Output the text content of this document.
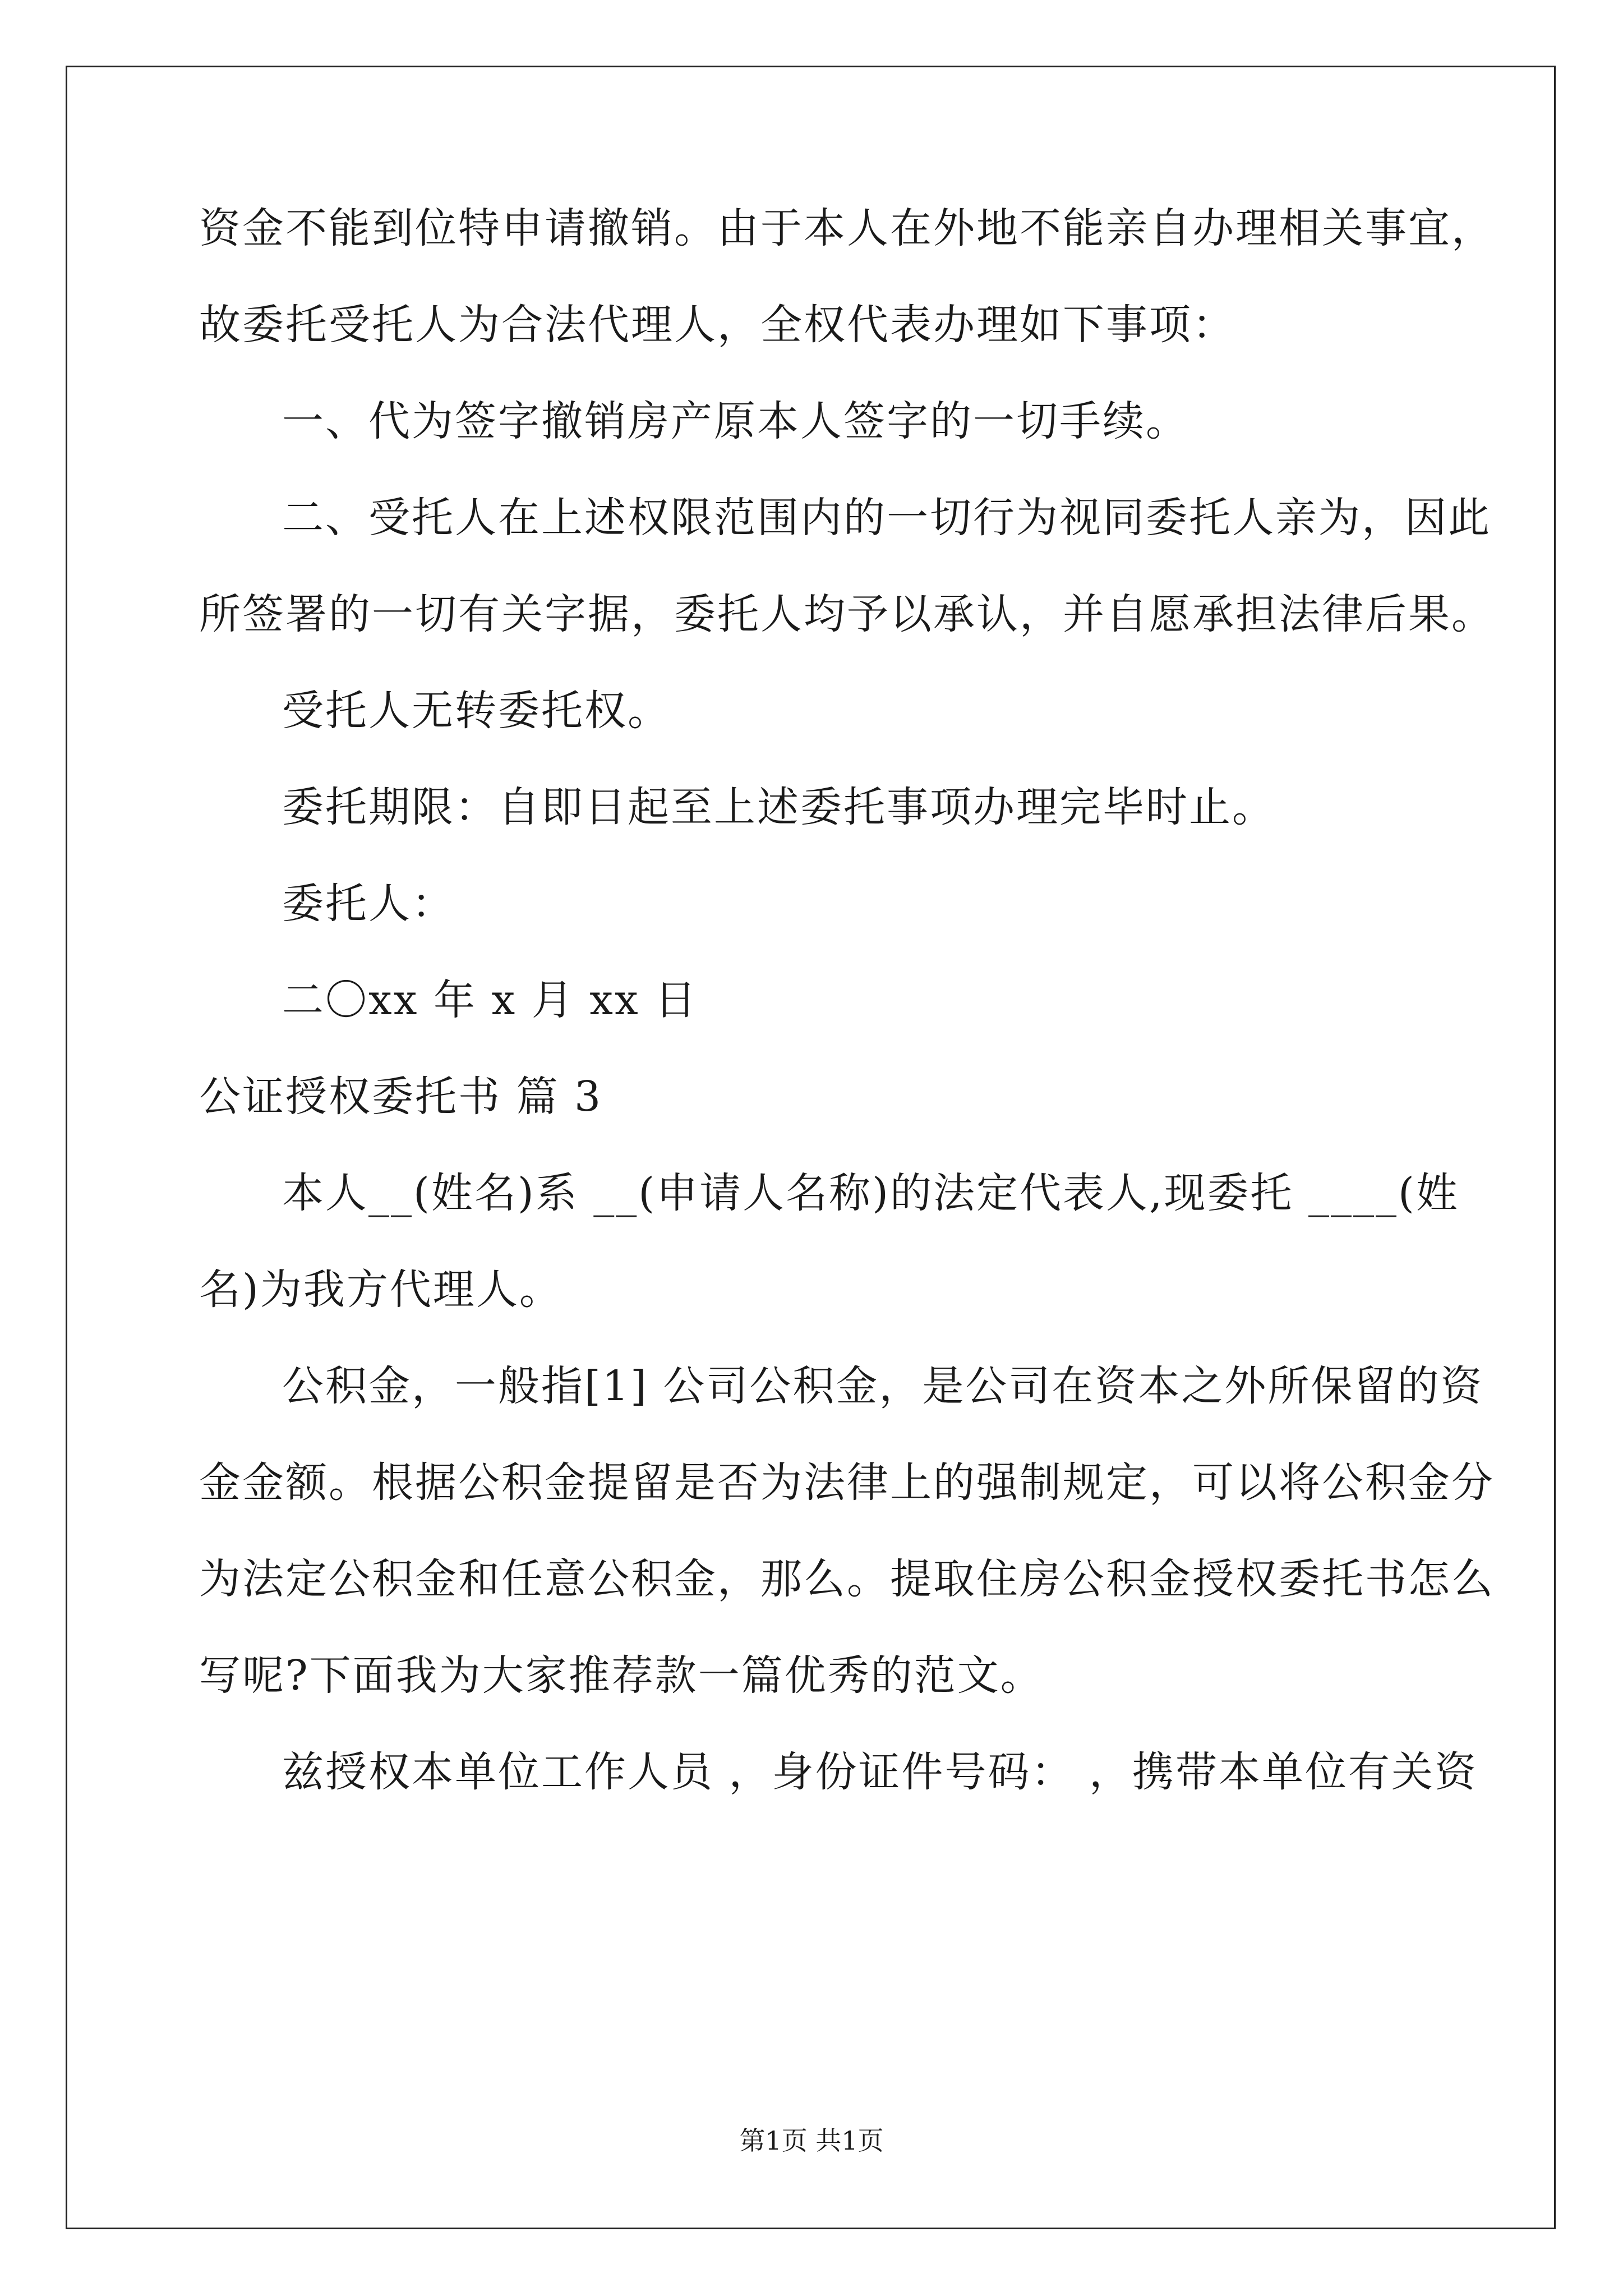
资金不能到位特申请撤销。由于本人在外地不能亲自办理相关事宜，
故委托受托人为合法代理人，全权代表办理如下事项：
一、代为签字撤销房产原本人签字的一切手续。
二、受托人在上述权限范围内的一切行为视同委托人亲为，因此
所签署的一切有关字据，委托人均予以承认，并自愿承担法律后果。
受托人无转委托权。
委托期限：自即日起至上述委托事项办理完毕时止。
委托人：
二〇xx 年 x 月 xx 日
公证授权委托书 篇 3
本人__(姓名)系 __(申请人名称)的法定代表人,现委托 ____(姓
名)为我方代理人。
公积金，一般指[1] 公司公积金，是公司在资本之外所保留的资
金金额。根据公积金提留是否为法律上的强制规定，可以将公积金分
为法定公积金和任意公积金，那么。提取住房公积金授权委托书怎么
写呢?下面我为大家推荐款一篇优秀的范文。
兹授权本单位工作人员 ，身份证件号码： ，携带本单位有关资
第1页 共1页
